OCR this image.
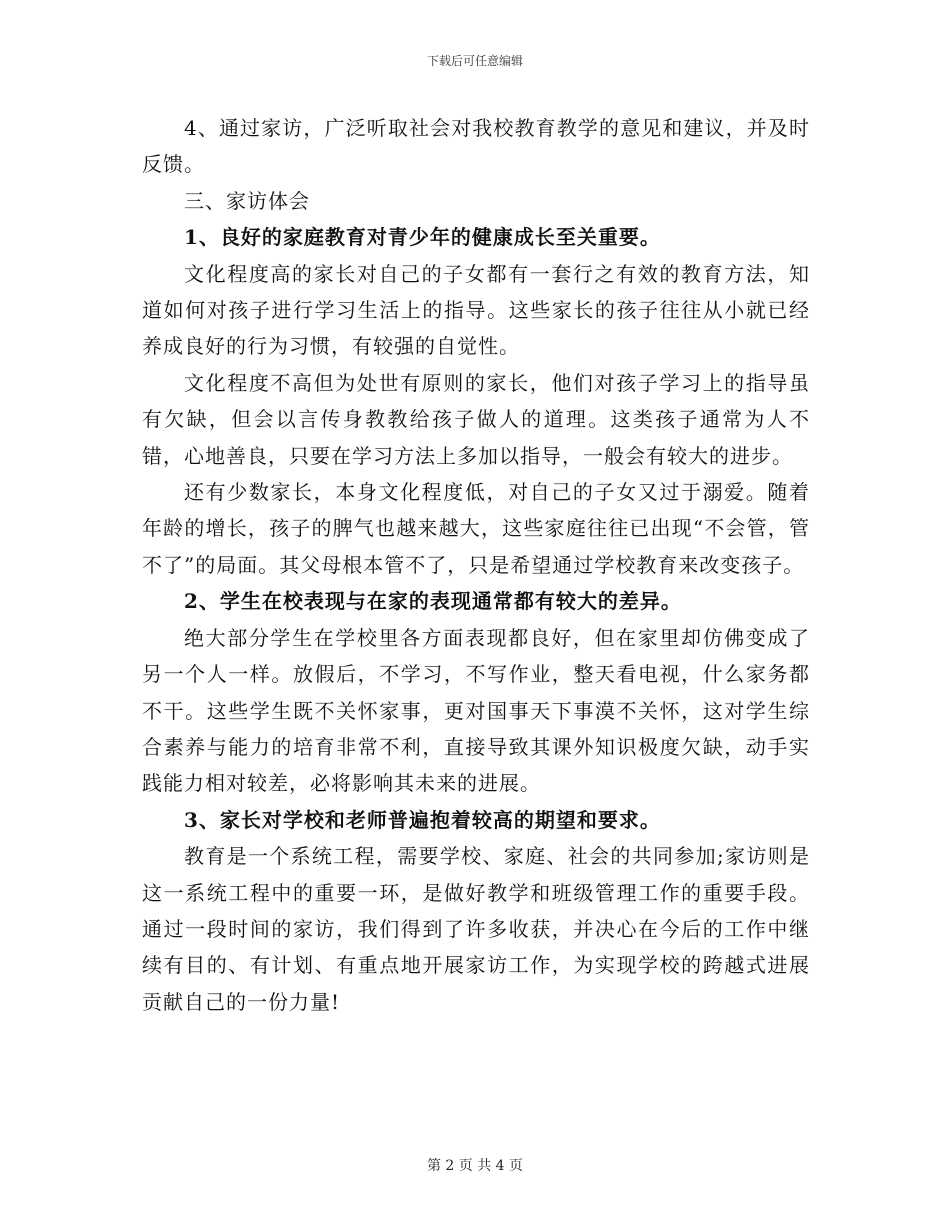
下载后可任意编辑

4、通过家访，广泛听取社会对我校教育教学的意见和建议，并及时反馈。

三、家访体会

1、良好的家庭教育对青少年的健康成长至关重要。

文化程度高的家长对自己的子女都有一套行之有效的教育方法，知道如何对孩子进行学习生活上的指导。这些家长的孩子往往从小就已经养成良好的行为习惯，有较强的自觉性。

文化程度不高但为处世有原则的家长，他们对孩子学习上的指导虽有欠缺，但会以言传身教教给孩子做人的道理。这类孩子通常为人不错，心地善良，只要在学习方法上多加以指导，一般会有较大的进步。

还有少数家长，本身文化程度低，对自己的子女又过于溺爱。随着年龄的增长，孩子的脾气也越来越大，这些家庭往往已出现“不会管，管不了”的局面。其父母根本管不了，只是希望通过学校教育来改变孩子。

2、学生在校表现与在家的表现通常都有较大的差异。

绝大部分学生在学校里各方面表现都良好，但在家里却仿佛变成了另一个人一样。放假后，不学习，不写作业，整天看电视，什么家务都不干。这些学生既不关怀家事，更对国事天下事漠不关怀，这对学生综合素养与能力的培育非常不利，直接导致其课外知识极度欠缺，动手实践能力相对较差，必将影响其未来的进展。

3、家长对学校和老师普遍抱着较高的期望和要求。

教育是一个系统工程，需要学校、家庭、社会的共同参加;家访则是这一系统工程中的重要一环，是做好教学和班级管理工作的重要手段。通过一段时间的家访，我们得到了许多收获，并决心在今后的工作中继续有目的、有计划、有重点地开展家访工作，为实现学校的跨越式进展贡献自己的一份力量!

第 2 页 共 4 页
